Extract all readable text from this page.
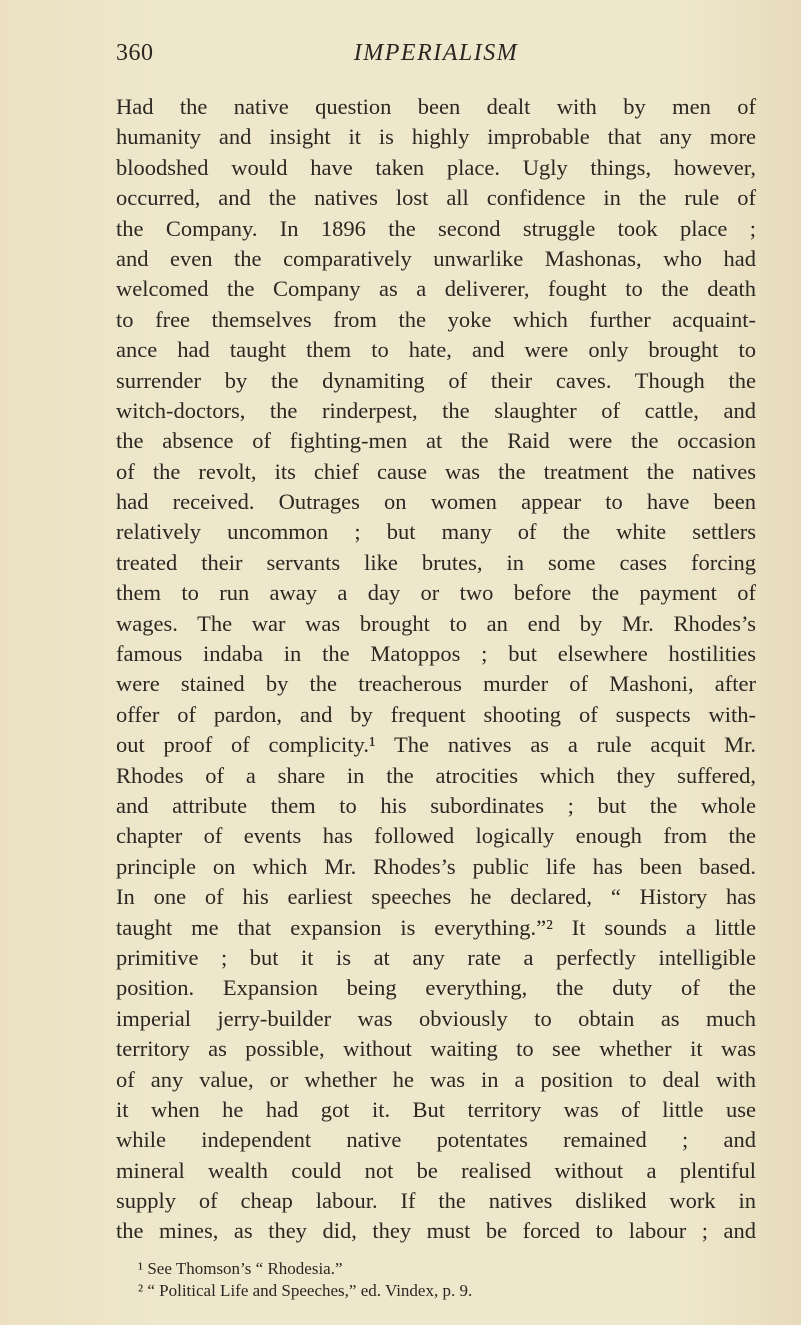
360	IMPERIALISM
Had the native question been dealt with by men of
humanity and insight it is highly improbable that any more
bloodshed would have taken place. Ugly things, however,
occurred, and the natives lost all confidence in the rule of
the Company. In 1896 the second struggle took place ;
and even the comparatively unwarlike Mashonas, who had
welcomed the Company as a deliverer, fought to the death
to free themselves from the yoke which further acquaint-
ance had taught them to hate, and were only brought to
surrender by the dynamiting of their caves. Though the
witch-doctors, the rinderpest, the slaughter of cattle, and
the absence of fighting-men at the Raid were the occasion
of the revolt, its chief cause was the treatment the natives
had received. Outrages on women appear to have been
relatively uncommon ; but many of the white settlers
treated their servants like brutes, in some cases forcing
them to run away a day or two before the payment of
wages. The war was brought to an end by Mr. Rhodes’s
famous indaba in the Matoppos ; but elsewhere hostilities
were stained by the treacherous murder of Mashoni, after
offer of pardon, and by frequent shooting of suspects with-
out proof of complicity.¹ The natives as a rule acquit Mr.
Rhodes of a share in the atrocities which they suffered,
and attribute them to his subordinates ; but the whole
chapter of events has followed logically enough from the
principle on which Mr. Rhodes’s public life has been based.
In one of his earliest speeches he declared, “ History has
taught me that expansion is everything.”² It sounds a little
primitive ; but it is at any rate a perfectly intelligible
position. Expansion being everything, the duty of the
imperial jerry-builder was obviously to obtain as much
territory as possible, without waiting to see whether it was
of any value, or whether he was in a position to deal with
it when he had got it. But territory was of little use
while independent native potentates remained ; and
mineral wealth could not be realised without a plentiful
supply of cheap labour. If the natives disliked work in
the mines, as they did, they must be forced to labour ; and
¹ See Thomson’s “ Rhodesia.”
² “ Political Life and Speeches,” ed. Vindex, p. 9.
